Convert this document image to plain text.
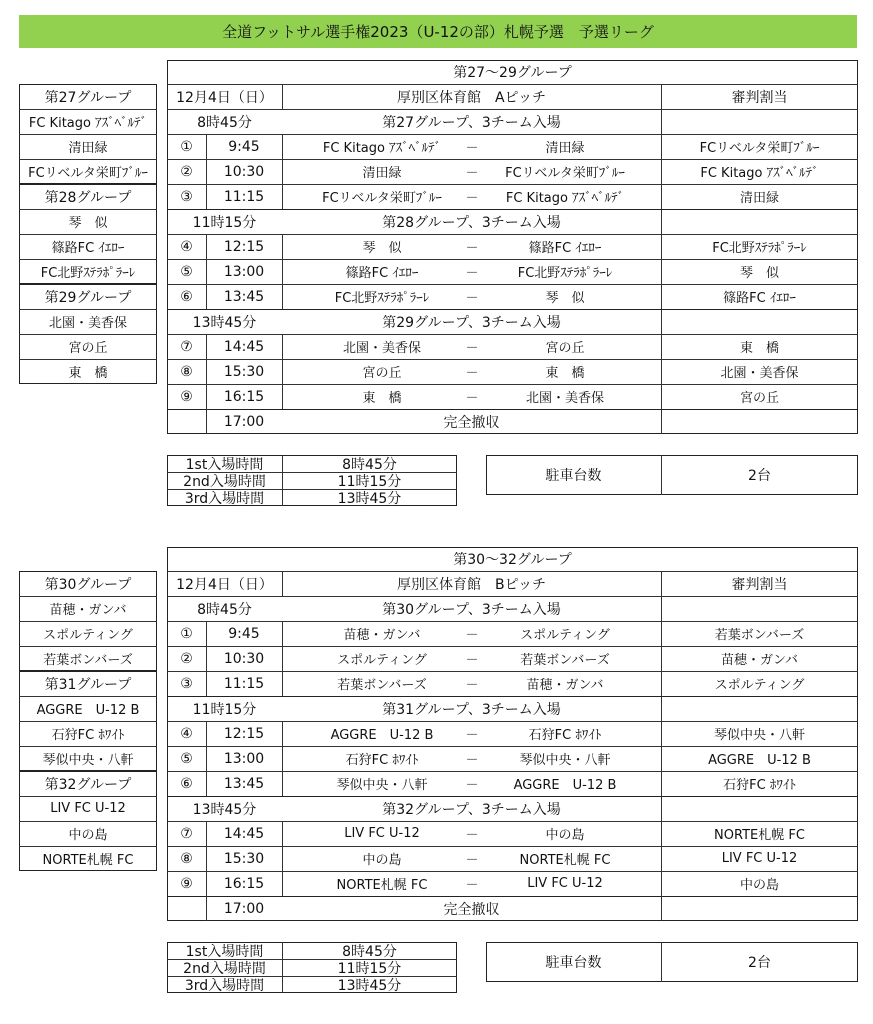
全道フットサル選手権2023（U-12の部）札幌予選　予選リーグ
第27～29グループ
12月4日（日）	厚別区体育館　Aピッチ	審判割当
8時45分	第27グループ、3チーム入場
①	9:45	FC Kitago ｱｽﾞﾍﾞﾙﾃﾞ	－	清田緑	FCリベルタ栄町ﾌﾞﾙｰ
②	10:30	清田緑	－	FCリベルタ栄町ﾌﾞﾙｰ	FC Kitago ｱｽﾞﾍﾞﾙﾃﾞ
③	11:15	FCリベルタ栄町ﾌﾞﾙｰ	－	FC Kitago ｱｽﾞﾍﾞﾙﾃﾞ	清田緑
11時15分	第28グループ、3チーム入場
④	12:15	琴　似	－	篠路FC ｲｴﾛｰ	FC北野ｽﾃﾗﾎﾟﾗｰﾚ
⑤	13:00	篠路FC ｲｴﾛｰ	－	FC北野ｽﾃﾗﾎﾟﾗｰﾚ	琴　似
⑥	13:45	FC北野ｽﾃﾗﾎﾟﾗｰﾚ	－	琴　似	篠路FC ｲｴﾛｰ
13時45分	第29グループ、3チーム入場
⑦	14:45	北園・美香保	－	宮の丘	東　橋
⑧	15:30	宮の丘	－	東　橋	北園・美香保
⑨	16:15	東　橋	－	北園・美香保	宮の丘
17:00	完全撤収
第27グループ
FC Kitago ｱｽﾞﾍﾞﾙﾃﾞ
清田緑
FCリベルタ栄町ﾌﾞﾙｰ
第28グループ
琴　似
篠路FC ｲｴﾛｰ
FC北野ｽﾃﾗﾎﾟﾗｰﾚ
第29グループ
北園・美香保
宮の丘
東　橋
1st入場時間	8時45分
2nd入場時間	11時15分
3rd入場時間	13時45分
駐車台数	2台
第30～32グループ
12月4日（日）	厚別区体育館　Bピッチ	審判割当
8時45分	第30グループ、3チーム入場
①	9:45	苗穂・ガンバ	－	スポルティング	若葉ボンバーズ
②	10:30	スポルティング	－	若葉ボンバーズ	苗穂・ガンバ
③	11:15	若葉ボンバーズ	－	苗穂・ガンバ	スポルティング
11時15分	第31グループ、3チーム入場
④	12:15	AGGRE　U-12 B	－	石狩FC ﾎﾜｲﾄ	琴似中央・八軒
⑤	13:00	石狩FC ﾎﾜｲﾄ	－	琴似中央・八軒	AGGRE　U-12 B
⑥	13:45	琴似中央・八軒	－	AGGRE　U-12 B	石狩FC ﾎﾜｲﾄ
13時45分	第32グループ、3チーム入場
⑦	14:45	LIV FC U-12	－	中の島	NORTE札幌 FC
⑧	15:30	中の島	－	NORTE札幌 FC	LIV FC U-12
⑨	16:15	NORTE札幌 FC	－	LIV FC U-12	中の島
17:00	完全撤収
第30グループ
苗穂・ガンバ
スポルティング
若葉ボンバーズ
第31グループ
AGGRE　U-12 B
石狩FC ﾎﾜｲﾄ
琴似中央・八軒
第32グループ
LIV FC U-12
中の島
NORTE札幌 FC
1st入場時間	8時45分
2nd入場時間	11時15分
3rd入場時間	13時45分
駐車台数	2台
